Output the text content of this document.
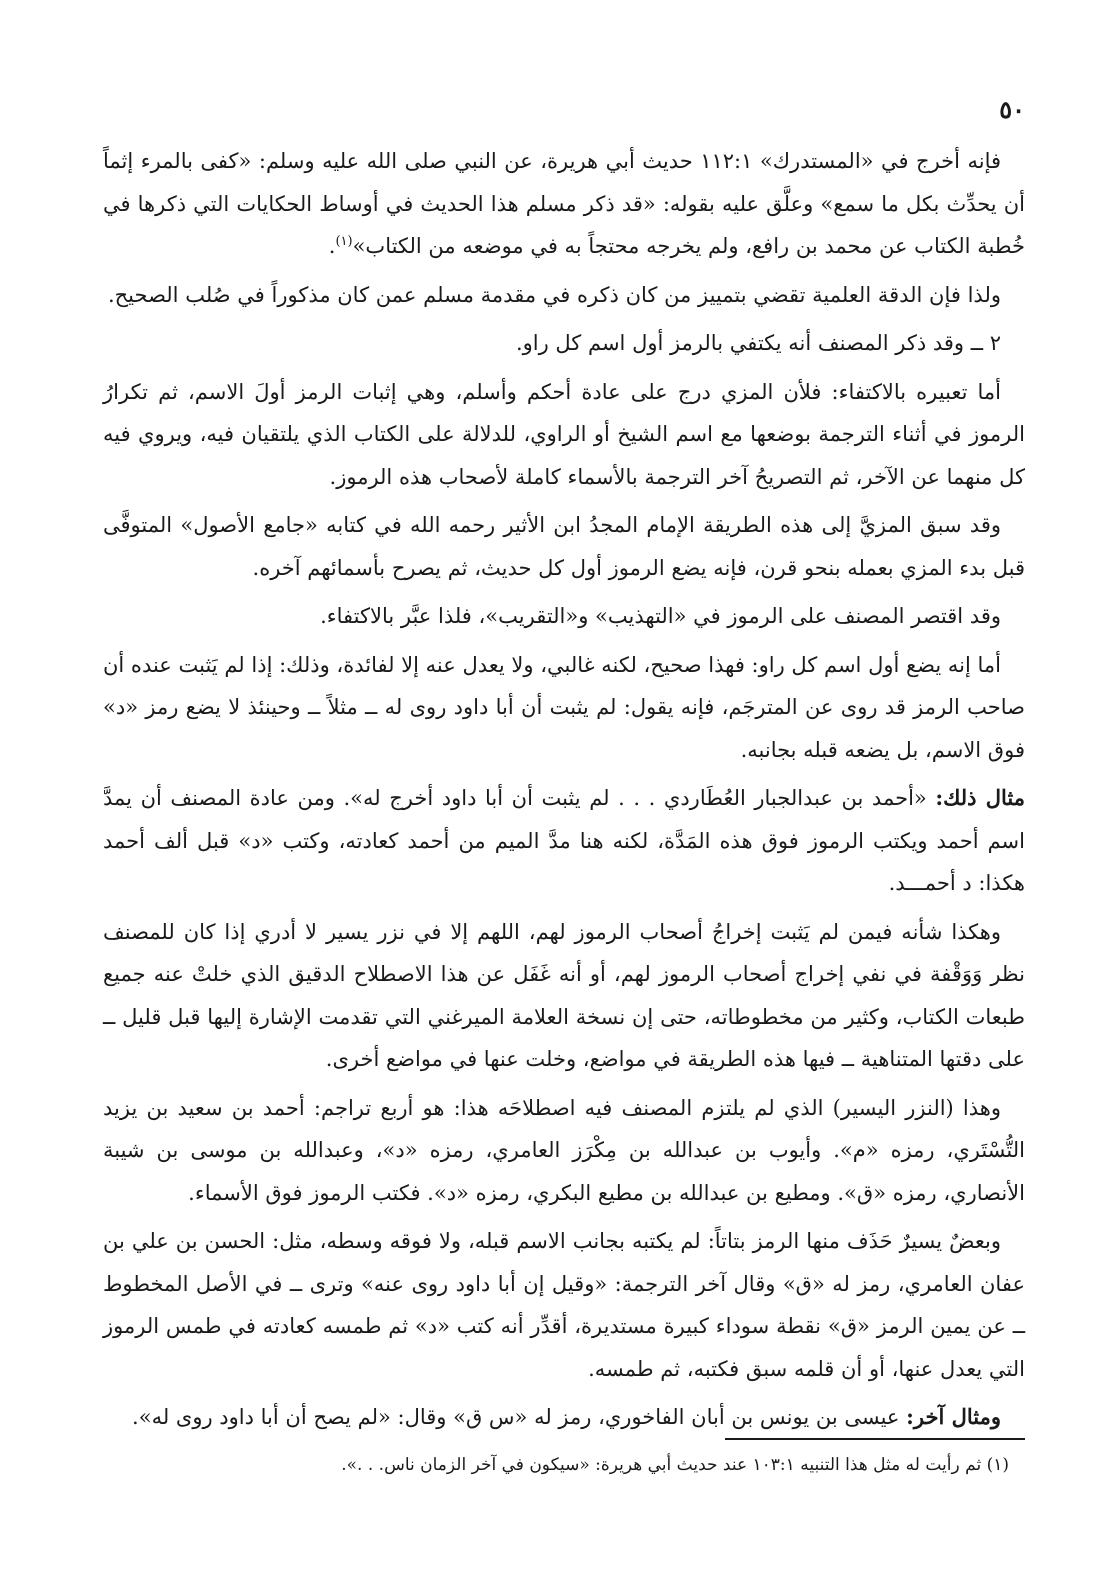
٥٠

فإنه أخرج في «المستدرك» ١١٢:١ حديث أبي هريرة، عن النبي صلى الله عليه وسلم: «كفى بالمرء إثماً أن يحدِّث بكل ما سمع» وعلَّق عليه بقوله: «قد ذكر مسلم هذا الحديث في أوساط الحكايات التي ذكرها في خُطبة الكتاب عن محمد بن رافع، ولم يخرجه محتجاً به في موضعه من الكتاب»$^{(١)}$.

ولذا فإن الدقة العلمية تقضي بتمييز من كان ذكره في مقدمة مسلم عمن كان مذكوراً في صُلب الصحيح.

٢ ــ وقد ذكر المصنف أنه يكتفي بالرمز أول اسم كل راو.

أما تعبيره بالاكتفاء: فلأن المزي درج على عادة أحكم وأسلم، وهي إثبات الرمز أولَ الاسم، ثم تكرارُ الرموز في أثناء الترجمة بوضعها مع اسم الشيخ أو الراوي، للدلالة على الكتاب الذي يلتقيان فيه، ويروي فيه كل منهما عن الآخر، ثم التصريحُ آخر الترجمة بالأسماء كاملة لأصحاب هذه الرموز.

وقد سبق المزيَّ إلى هذه الطريقة الإمام المجدُ ابن الأثير رحمه الله في كتابه «جامع الأصول» المتوفَّى قبل بدء المزي بعمله بنحو قرن، فإنه يضع الرموز أول كل حديث، ثم يصرح بأسمائهم آخره.

وقد اقتصر المصنف على الرموز في «التهذيب» و«التقريب»، فلذا عبَّر بالاكتفاء.

أما إنه يضع أول اسم كل راو: فهذا صحيح، لكنه غالبي، ولا يعدل عنه إلا لفائدة، وذلك: إذا لم يَثبت عنده أن صاحب الرمز قد روى عن المترجَم، فإنه يقول: لم يثبت أن أبا داود روى له ــ مثلاً ــ وحينئذ لا يضع رمز «د» فوق الاسم، بل يضعه قبله بجانبه.

مثال ذلك: «أحمد بن عبدالجبار العُطَاردي . . . لم يثبت أن أبا داود أخرج له». ومن عادة المصنف أن يمدَّ اسم أحمد ويكتب الرموز فوق هذه المَدَّة، لكنه هنا مدَّ الميم من أحمد كعادته، وكتب «د» قبل ألف أحمد هكذا: د أحمـــد.

وهكذا شأنه فيمن لم يَثبت إخراجُ أصحاب الرموز لهم، اللهم إلا في نزر يسير لا أدري إذا كان للمصنف نظر وَوَقْفة في نفي إخراج أصحاب الرموز لهم، أو أنه غَفَل عن هذا الاصطلاح الدقيق الذي خلتْ عنه جميع طبعات الكتاب، وكثير من مخطوطاته، حتى إن نسخة العلامة الميرغني التي تقدمت الإشارة إليها قبل قليل ــ على دقتها المتناهية ــ فيها هذه الطريقة في مواضع، وخلت عنها في مواضع أخرى.

وهذا (النزر اليسير) الذي لم يلتزم المصنف فيه اصطلاحَه هذا: هو أربع تراجم: أحمد بن سعيد بن يزيد التُّسْتَري، رمزه «م». وأيوب بن عبدالله بن مِكْرَز العامري، رمزه «د»، وعبدالله بن موسى بن شيبة الأنصاري، رمزه «ق». ومطيع بن عبدالله بن مطيع البكري، رمزه «د». فكتب الرموز فوق الأسماء.

وبعضٌ يسيرٌ حَذَف منها الرمز بتاتاً: لم يكتبه بجانب الاسم قبله، ولا فوقه وسطه، مثل: الحسن بن علي بن عفان العامري، رمز له «ق» وقال آخر الترجمة: «وقيل إن أبا داود روى عنه» وترى ــ في الأصل المخطوط ــ عن يمين الرمز «ق» نقطة سوداء كبيرة مستديرة، أقدِّر أنه كتب «د» ثم طمسه كعادته في طمس الرموز التي يعدل عنها، أو أن قلمه سبق فكتبه، ثم طمسه.

ومثال آخر: عيسى بن يونس بن أبان الفاخوري، رمز له «س ق» وقال: «لم يصح أن أبا داود روى له».

(١) ثم رأيت له مثل هذا التنبيه ١٠٣:١ عند حديث أبي هريرة: «سيكون في آخر الزمان ناس. . .».
